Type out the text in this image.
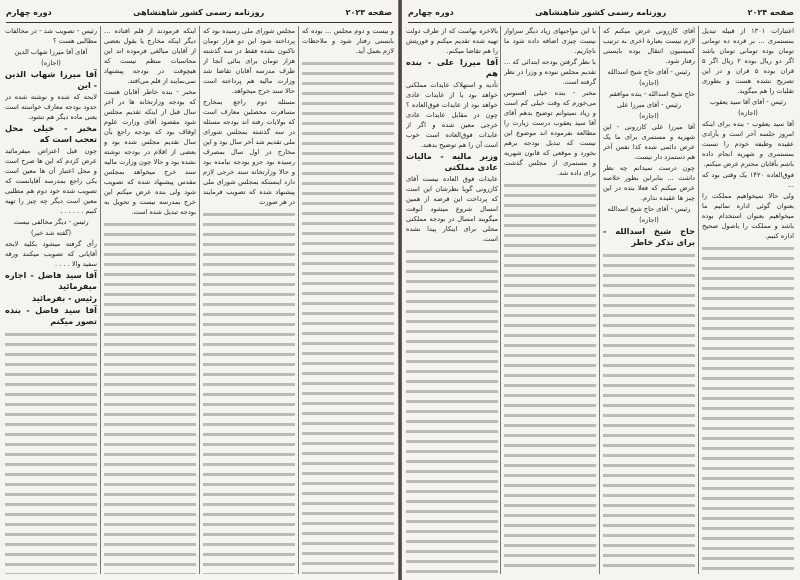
صفحه ۲۰۲۳
روزنامه رسمی کشور شاهنشاهی
دوره چهارم
و بیست و دوم مجلس ... بوده که بایستی رفتار شود و ملاحظات لازم بعمل آید.
مجلس شورای ملی رسیده بود که پرداخته شود این دو هزار تومان تاکنون نشده فقط در سه گذشته هزار تومان برای بنائی آنجا از طرف مدرسه آقایان تقاضا شد وزارت مالیه هم پرداخته است حالا سند خرج میخواهد.
مسئله دوم راجع بمخارج مسافرت محصلین معارف است که بولایات رفته اند بودجه مسئله در سه گذشته بمجلس شورای ملی تقدیم شد آخر سال بود و این مخارج در اول سال بمصرف رسیده بود جزو بودجه نیامده بود و حالا وزارتخانه سند خرجی لازم دارد اینستکه بمجلس شورای ملی پیشنهاد شده که تصویب فرمایند در هر صورت
اینکه فرمودند از قلم افتاده ... دیگر اینکه مخارج یا بقول بعضی از آقایان مبالغی فرموده اند این محاسبات منظم نیست که هیچوقت در بودجه پیشنهاد نمی‌نمایند از قلم می‌افتد.
مخبر - بنده خاطر آقایان هست که بودجه وزارتخانه ها در آخر سال قبل از اینکه تقدیم مجلس شود مقصود آقای وزارت علوم اوقاف بود که بودجه راجع بآن سال تقدیم مجلس شده بود و بعضی از اقلام در بودجه نوشته نشده بود و حالا چون وزارت مالیه سند خرج میخواهد بمجلس مقدس پیشنهاد شده که تصویب شود ولی بنده عرض میکنم این خرج بمدرسه نیست و تحویل به بودجه تبدیل شده است.
رئیس - تصویب شد - در مخالفات مطالبی هست ؟
آقای آقا میرزا شهاب الدین
(اجازه)
آقا میرزا شهاب الدین - این
لایحه که شده و نوشته شده در حدود بودجه معارف خواسته است یعنی ماده دیگر هم نشود.
مخبر - خیلی محل تعجب است که
چون قبل اعتراض میفرمائید عرض کردم که این ها صرح است و محل اعتبار آن ها معین است یکی راجع بمدرسه آقایانست که تصویب شده خود دوم هم مطلبی معین است دیگر چه چیز را تهیه کنیم . . . . . .
رئیس - دیگر مخالفی نیست
(گفته شد خیر)
رأی گرفته میشود بکلیه لایحه آقایانی که تصویب میکنند ورقه سفید والا . . . .
آقا سید فاضل - اجازه میفرمائید
رئیس - بفرمائید
آقا سید فاضل - بنده تصور میکنم
صفحه ۲۰۲۴
روزنامه رسمی کشور شاهنشاهی
دوره چهارم
اعتبارات ۱۳۰۱ از قبیله تبدیل بمستمری ... بر قرده ده تومانی تومان بوده تومانی تومان باشد اگر دو ریال بوده ۲ ریال اگر ۵ قران بوده ۵ قران و در این تصریح نشده هست و بطوری تقلیات را هم میگوید.
رئیس - آقای آقا سید یعقوب
(اجازه)
آقا سید یعقوب - بنده برای اینکه امروز جلسه آخر است و بآزادی عقیده وظیفه خودم را نسبت بمستمری و شهریه انجام داده باشم بآقایان محترم عرض میکنم.
فوق‌العاده ۱۴۲۰ یک وقتی بود که ...
ولی حالا نمیخواهیم مملکت را بعنوان گوئی اداره نمائیم ما میخواهیم بعنوان استخدام بوده باشد و مملکت را باصول صحیح اداره کنیم.
آقای کازرونی عرض میکنم که لازم نیست بعبارة اخری به ترتیب کمیسیون انتقال بوده بایستی رفتار شود.
رئیس - آقای حاج شیخ اسدالله
(اجازه)
حاج شیخ اسدالله - بنده موافقم
رئیس - آقای میرزا علی
(اجازه)
آقا میرزا علی کازرونی - این شهریه و مستمری برای ما یک عرض دائمی شده کذا نفس آخر هم دستمزد دار نیست.
چون درست نمیدانم چه نظر داشت ... بنابراین بطور خلاصه عرض میکنم که فعلا بنده در این چیز ها عقیده ندارم.
رئیس - آقای حاج شیخ اسدالله
(اجازه)
حاج شیخ اسدالله - برای تذکر خاطر
با این مواجبهای زیاد دیگر سزاوار نیست چیزی اضافه داده شود ما ناچاریم.
با نظر گرفتن بودجه ابتدائی که ... تقدیم مجلس نبوده و وزرا در نظر گرفته است.
مخبر - بنده خیلی افسوس می‌خورم که وقت خیلی کم است و زیاد نمیتوانم توضیح بدهم آقای آقا سید یعقوب درست زیارت را مطالعه نفرموده اند موضوع این نیست که تبدیل بودجه برهم بخورد و موقعی که قانون شهریه و مستمری از مجلس گذشت برای داده شد.
بالاخره بهاست که از طرف دولت تهیه شده تقدیم میکنم و فوریتش را هم تقاضا میکنم.
آقا میرزا علی - بنده هم
تأدیه و استهلاک عایدات مملکتی خواهد بود یا از عایدات عادی خواهد بود از عایدات فوق‌العاده ؟ چون در مقابل عایدات عادی خرجی معین شده و اگر از عایدات فوق‌العاده است خوب است آن را هم توضیح بدهند.
وزیر مالیه - مالیات عادی مملکتی
عایدات فوق العاده نیست آقای کازرونی گویا نظرشان این است که پرداخت این قرضه از همین امسال شروع میشود آنوقت میگویند امسال در بودجه مملکتی محلی برای اینکار پیدا نشده است.
